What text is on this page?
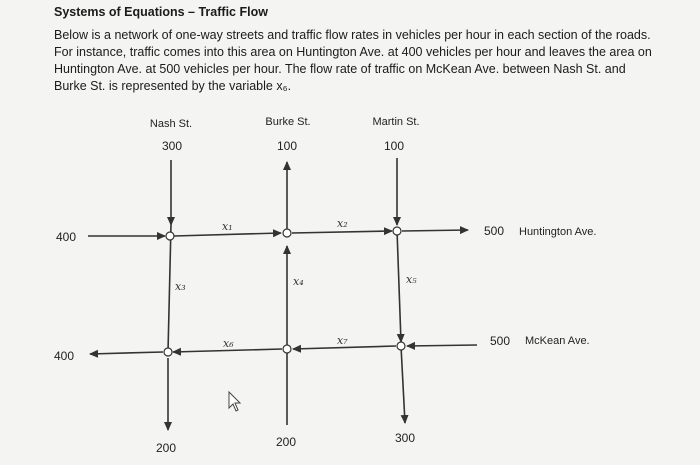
Systems of Equations – Traffic Flow
Below is a network of one-way streets and traffic flow rates in vehicles per hour in each section of the roads. For instance, traffic comes into this area on Huntington Ave. at 400 vehicles per hour and leaves the area on Huntington Ave. at 500 vehicles per hour. The flow rate of traffic on McKean Ave. between Nash St. and Burke St. is represented by the variable x₆.
Nash St.	Burke St.	Martin St.
300	100	100
400	500 Huntington Ave.
500 McKean Ave.
400
x₁	x₂
x₃	x₄	x₅
x₆	x₇
200	200	300
